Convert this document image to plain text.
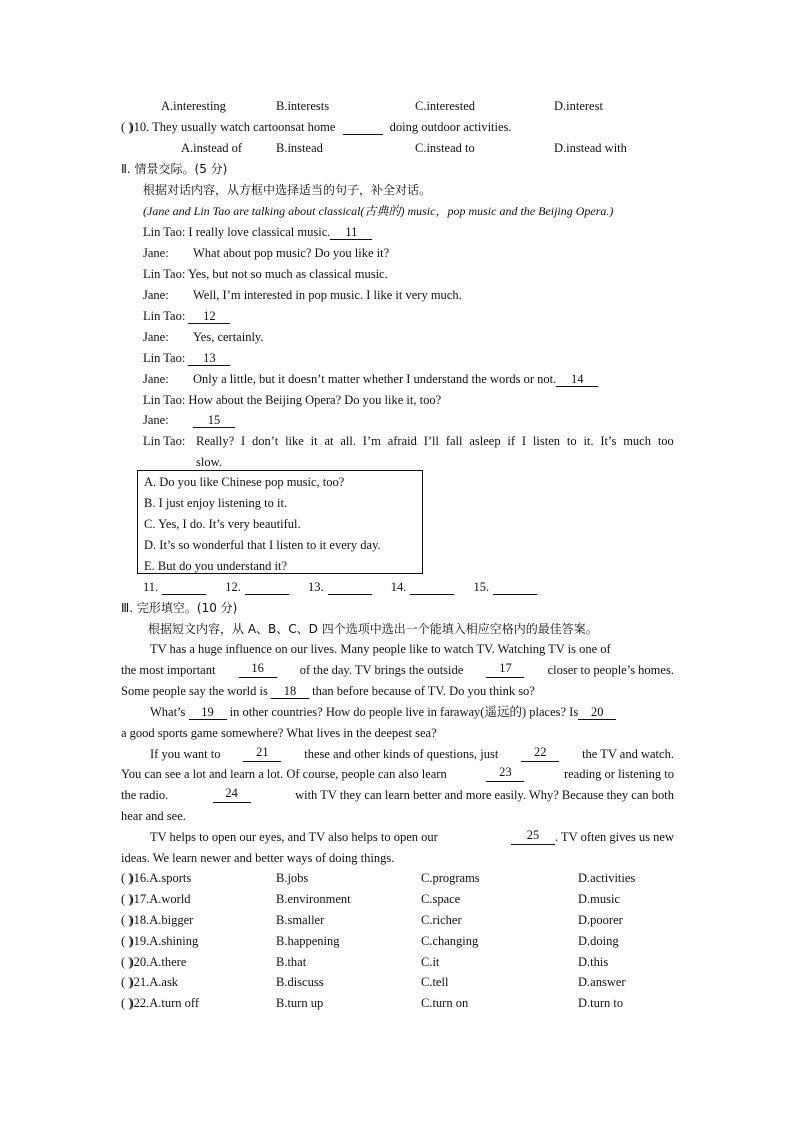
A.interesting	B.interests	C.interested	D.interest
( ))10. They usually watch cartoonsat home	doing outdoor activities.
A.instead of	B.instead	C.instead to	D.instead with
Ⅱ. 情景交际。(5 分)
根据对话内容，从方框中选择适当的句子，补全对话。
(Jane and Lin Tao are talking about classical(古典的) music，pop music and the Beijing Opera.)
Lin Tao: I really love classical music. 11
Jane: What about pop music? Do you like it?
Lin Tao: Yes, but not so much as classical music.
Jane: Well, I’m interested in pop music. I like it very much.
Lin Tao: 12
Jane: Yes, certainly.
Lin Tao: 13
Jane: Only a little, but it doesn’t matter whether I understand the words or not. 14
Lin Tao: How about the Beijing Opera? Do you like it, too?
Jane:	15
Lin Tao: Really? I don’t like it at all. I’m afraid I’ll fall asleep if I listen to it. It’s much too
slow.
A. Do you like Chinese pop music, too?
B. I just enjoy listening to it.
C. Yes, I do. It’s very beautiful.
D. It’s so wonderful that I listen to it every day.
E. But do you understand it?
11.	12.	13.	14.	15.
Ⅲ. 完形填空。(10 分)
根据短文内容，从 A、B、C、D 四个选项中选出一个能填入相应空格内的最佳答案。
TV has a huge influence on our lives. Many people like to watch TV. Watching TV is one of
the most important	16	of the day. TV brings the outside	17	closer to people’s homes.
Some people say the world is 18 than before because of TV. Do you think so?
What’s 19 in other countries? How do people live in faraway(遥远的) places? Is 20
a good sports game somewhere? What lives in the deepest sea?
If you want to	21	these and other kinds of questions, just	22	the TV and watch.
You can see a lot and learn a lot. Of course, people can also learn	23	reading or listening to
the radio.	24	with TV they can learn better and more easily. Why? Because they can both
hear and see.
TV helps to open our eyes, and TV also helps to open our	25	. TV often gives us new
ideas. We learn newer and better ways of doing things.
( ))16.A.sports	B.jobs	C.programs	D.activities
( ))17.A.world	B.environment	C.space	D.music
( ))18.A.bigger	B.smaller	C.richer	D.poorer
( ))19.A.shining	B.happening	C.changing	D.doing
( ))20.A.there	B.that	C.it	D.this
( ))21.A.ask	B.discuss	C.tell	D.answer
( ))22.A.turn off	B.turn up	C.turn on	D.turn to
